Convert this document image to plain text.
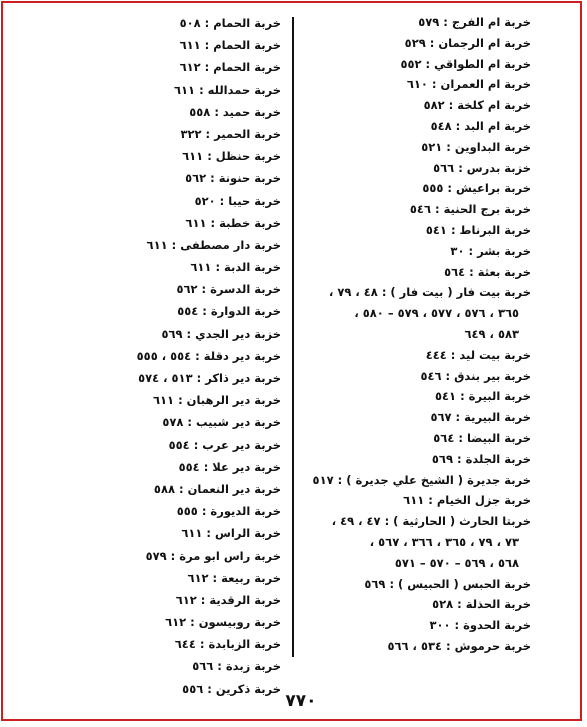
خربة ام الفرج : ٥٧٩
خربة ام الرجمان : ٥٢٩
خربة ام الطواقي : ٥٥٢
خربة ام العمران : ٦١٠
خربة ام كلخة : ٥٨٢
خربة ام البد : ٥٤٨
خربة البداوين : ٥٢١
خزبة بدرس : ٥٦٦
خربة براعيش : ٥٥٥
خربة برج الحنية : ٥٤٦
خربة البرناط : ٥٤١
خربة بشر : ٣٠
خربة بعثة : ٥٦٤
خربة بيت فار ( بيت فار ) : ٤٨ ، ٧٩ ،
٣٦٥ ، ٥٧٦ ، ٥٧٧ ، ٥٧٩ – ٥٨٠ ،
٥٨٣ ، ٦٤٩
خربة بيت ليد : ٤٤٤
خربة بير بندق : ٥٤٦
خربة البيرة : ٥٤١
خربة البيرية : ٥٦٧
خربة البيضا : ٥٦٤
خربة الجلدة : ٥٦٩
خربة جديرة ( الشيخ علي جديرة ) : ٥١٧
خربة جزل الخيام : ٦١١
خربتا الحارث ( الحارثية ) : ٤٧ ، ٤٩ ،
٧٣ ، ٧٩ ، ٣٦٥ ، ٣٦٦ ، ٥٦٧ ،
٥٦٨ ، ٥٦٩ – ٥٧٠ – ٥٧١
خربة الحبس ( الحبيس ) : ٥٦٩
خربة الحذلة : ٥٢٨
خربة الحدوة : ٣٠٠
خربة حرموش : ٥٣٤ ، ٥٦٦
خربة الحمام : ٥٠٨
خربة الحمام : ٦١١
خربة الحمام : ٦١٢
خربة حمدالله : ٦١١
خربة حميد : ٥٥٨
خربة الحمير : ٣٢٢
خربة حنظل : ٦١١
خربة حنونة : ٥٦٢
خربة حيبا : ٥٢٠
خربة خطبة : ٦١١
خربة دار مصطفى : ٦١١
خربة الدبة : ٦١١
خربة الدسرة : ٥٦٢
خربة الدوارة : ٥٥٤
خزبة دير الجدي : ٥٦٩
خربة دير دقلة : ٥٥٤ ، ٥٥٥
خربة دير ذاكر : ٥١٣ ، ٥٧٤
خربة دير الرهبان : ٦١١
خربة دير شبيب : ٥٧٨
خربة دير عرب : ٥٥٤
خربة دير علا : ٥٥٤
خربة دير النعمان : ٥٨٨
خربة الديورة : ٥٥٥
خربة الراس : ٦١١
خربة راس ابو مرة : ٥٧٩
خربة ربيعة : ٦١٢
خربة الرقدية : ٦١٢
خربة روبيسون : ٦١٢
خربة الزبابدة : ٦٤٤
خربة زبدة : ٥٦٦
خربة ذكرين : ٥٥٦
٧٧٠
